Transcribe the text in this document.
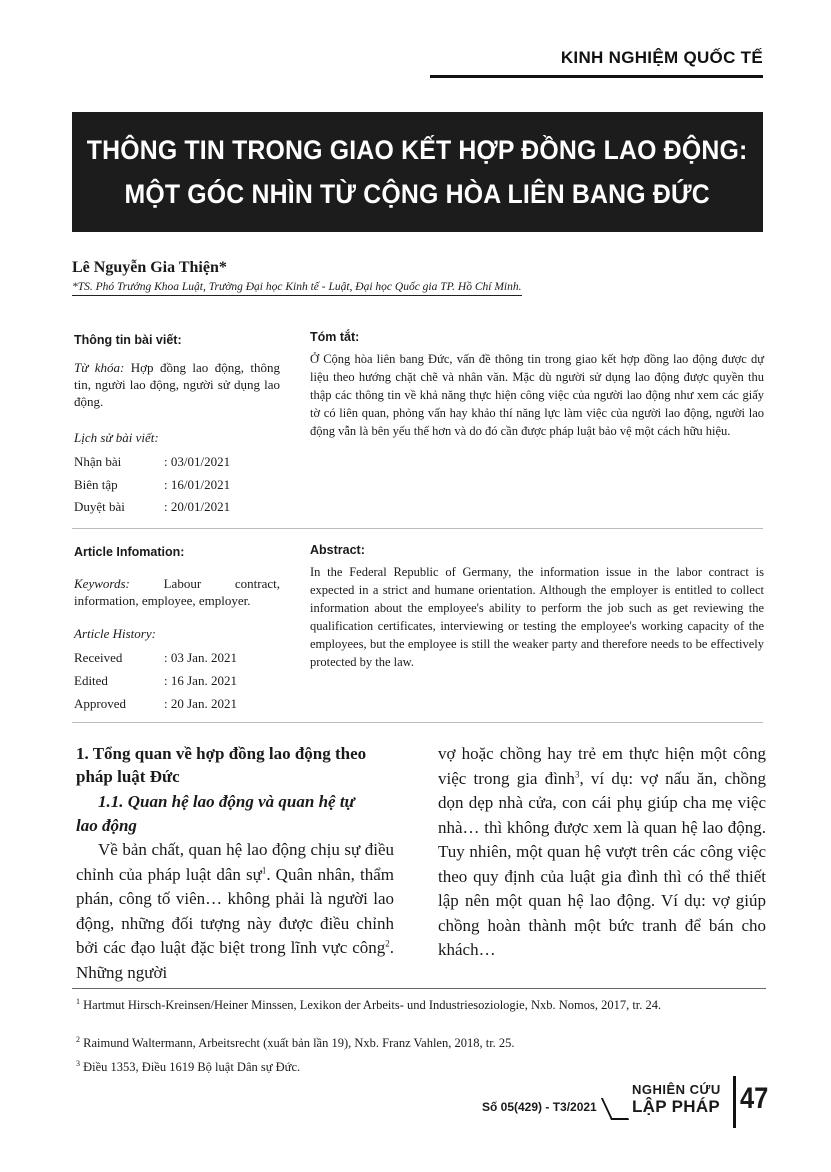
KINH NGHIỆM QUỐC TẾ
THÔNG TIN TRONG GIAO KẾT HỢP ĐỒNG LAO ĐỘNG:
MỘT GÓC NHÌN TỪ CỘNG HÒA LIÊN BANG ĐỨC
Lê Nguyễn Gia Thiện*
*TS. Phó Trưởng Khoa Luật, Trường Đại học Kinh tế - Luật, Đại học Quốc gia TP. Hồ Chí Minh.
Thông tin bài viết:
Từ khóa: Hợp đồng lao động, thông tin, người lao động, người sử dụng lao động.
Lịch sử bài viết:
Nhận bài	: 03/01/2021
Biên tập	: 16/01/2021
Duyệt bài	: 20/01/2021
Tóm tắt:
Ở Cộng hòa liên bang Đức, vấn đề thông tin trong giao kết hợp đồng lao động được dự liệu theo hướng chặt chẽ và nhân văn. Mặc dù người sử dụng lao động được quyền thu thập các thông tin về khả năng thực hiện công việc của người lao động như xem các giấy tờ có liên quan, phỏng vấn hay khảo thí năng lực làm việc của người lao động, người lao động vẫn là bên yếu thế hơn và do đó cần được pháp luật bảo vệ một cách hữu hiệu.
Article Infomation:
Keywords: Labour contract, information, employee, employer.
Article History:
Received	: 03 Jan. 2021
Edited	: 16 Jan. 2021
Approved	: 20 Jan. 2021
Abstract:
In the Federal Republic of Germany, the information issue in the labor contract is expected in a strict and humane orientation. Although the employer is entitled to collect information about the employee's ability to perform the job such as get reviewing the qualification certificates, interviewing or testing the employee's working capacity of the employees, but the employee is still the weaker party and therefore needs to be effectively protected by the law.
1. Tổng quan về hợp đồng lao động theo pháp luật Đức
1.1. Quan hệ lao động và quan hệ tự
lao động
Về bản chất, quan hệ lao động chịu sự điều chỉnh của pháp luật dân sự$^1$. Quân nhân, thẩm phán, công tố viên… không phải là người lao động, những đối tượng này được điều chỉnh bởi các đạo luật đặc biệt trong lĩnh vực công$^2$. Những người
vợ hoặc chồng hay trẻ em thực hiện một công việc trong gia đình$^3$, ví dụ: vợ nấu ăn, chồng dọn dẹp nhà cửa, con cái phụ giúp cha mẹ việc nhà… thì không được xem là quan hệ lao động. Tuy nhiên, một quan hệ vượt trên các công việc theo quy định của luật gia đình thì có thể thiết lập nên một quan hệ lao động. Ví dụ: vợ giúp chồng hoàn thành một bức tranh để bán cho khách…
$^1$ Hartmut Hirsch-Kreinsen/Heiner Minssen, Lexikon der Arbeits- und Industriesoziologie, Nxb. Nomos, 2017, tr. 24.
$^2$ Raimund Waltermann, Arbeitsrecht (xuất bản lần 19), Nxb. Franz Vahlen, 2018, tr. 25.
$^3$ Điều 1353, Điều 1619 Bộ luật Dân sự Đức.
Số 05(429) - T3/2021
NGHIÊN CỨU
LẬP PHÁP 47
